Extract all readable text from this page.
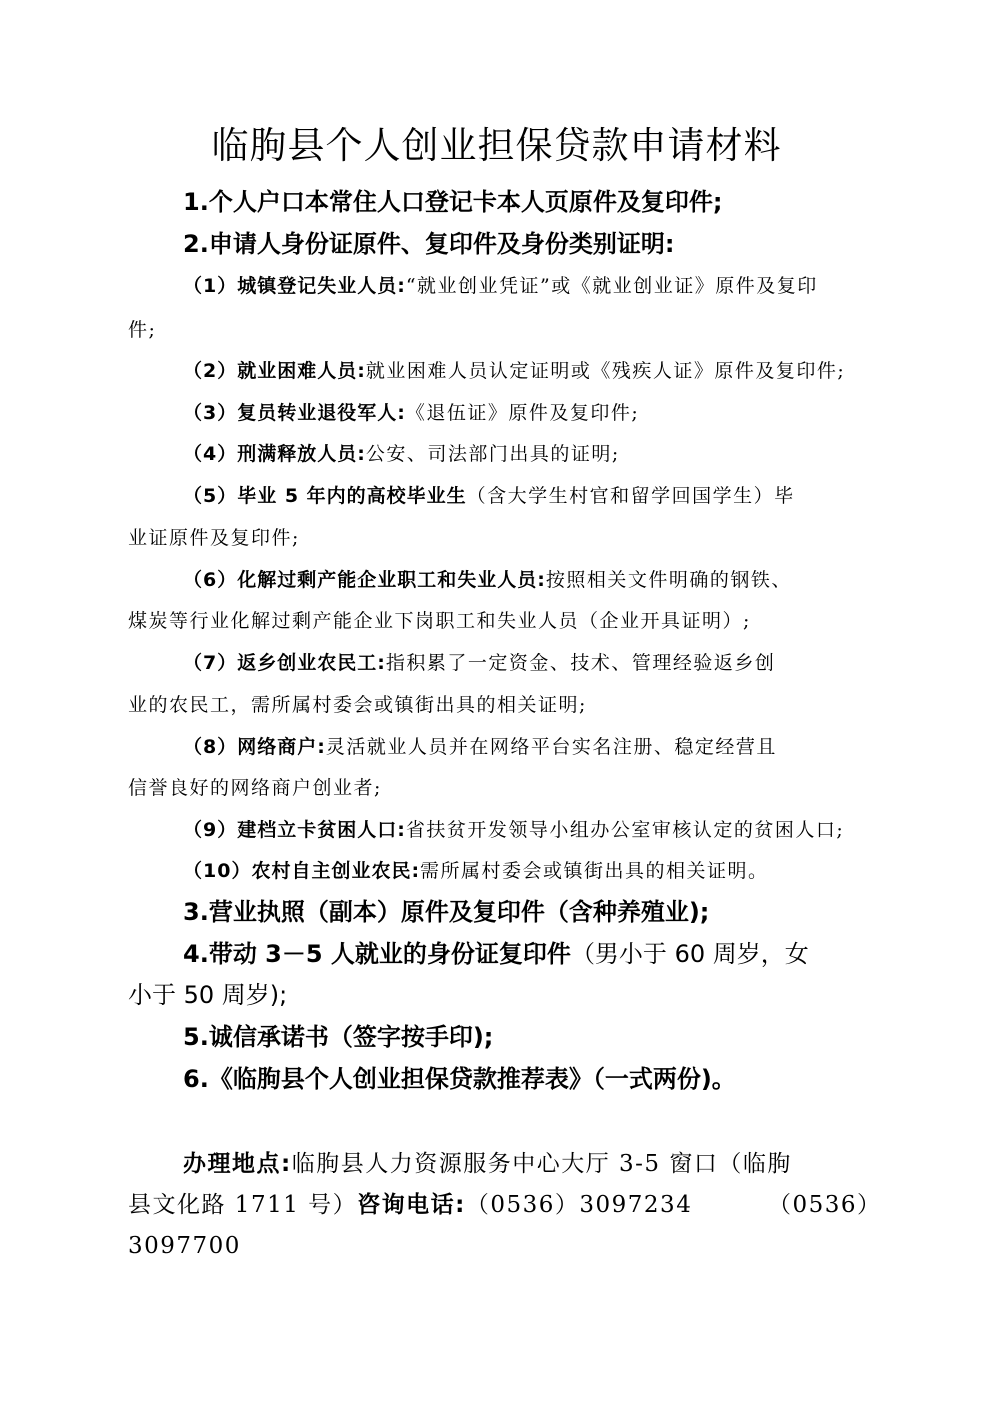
临朐县个人创业担保贷款申请材料
1.个人户口本常住人口登记卡本人页原件及复印件;
2.申请人身份证原件、复印件及身份类别证明:
（1）城镇登记失业人员:“就业创业凭证”或《就业创业证》原件及复印
件;
（2）就业困难人员:就业困难人员认定证明或《残疾人证》原件及复印件;
（3）复员转业退役军人:《退伍证》原件及复印件;
（4）刑满释放人员:公安、司法部门出具的证明;
（5）毕业 5 年内的高校毕业生（含大学生村官和留学回国学生）毕
业证原件及复印件;
（6）化解过剩产能企业职工和失业人员:按照相关文件明确的钢铁、
煤炭等行业化解过剩产能企业下岗职工和失业人员（企业开具证明）;
（7）返乡创业农民工:指积累了一定资金、技术、管理经验返乡创
业的农民工，需所属村委会或镇街出具的相关证明;
（8）网络商户:灵活就业人员并在网络平台实名注册、稳定经营且
信誉良好的网络商户创业者;
（9）建档立卡贫困人口:省扶贫开发领导小组办公室审核认定的贫困人口;
（10）农村自主创业农民:需所属村委会或镇街出具的相关证明。
3.营业执照（副本）原件及复印件（含种养殖业);
4.带动 3－5 人就业的身份证复印件（男小于 60 周岁，女
小于 50 周岁);
5.诚信承诺书（签字按手印);
6.《临朐县个人创业担保贷款推荐表》（一式两份)。
办理地点:临朐县人力资源服务中心大厅 3-5 窗口（临朐
县文化路 1711 号）咨询电话:（0536）3097234	（0536）
3097700
